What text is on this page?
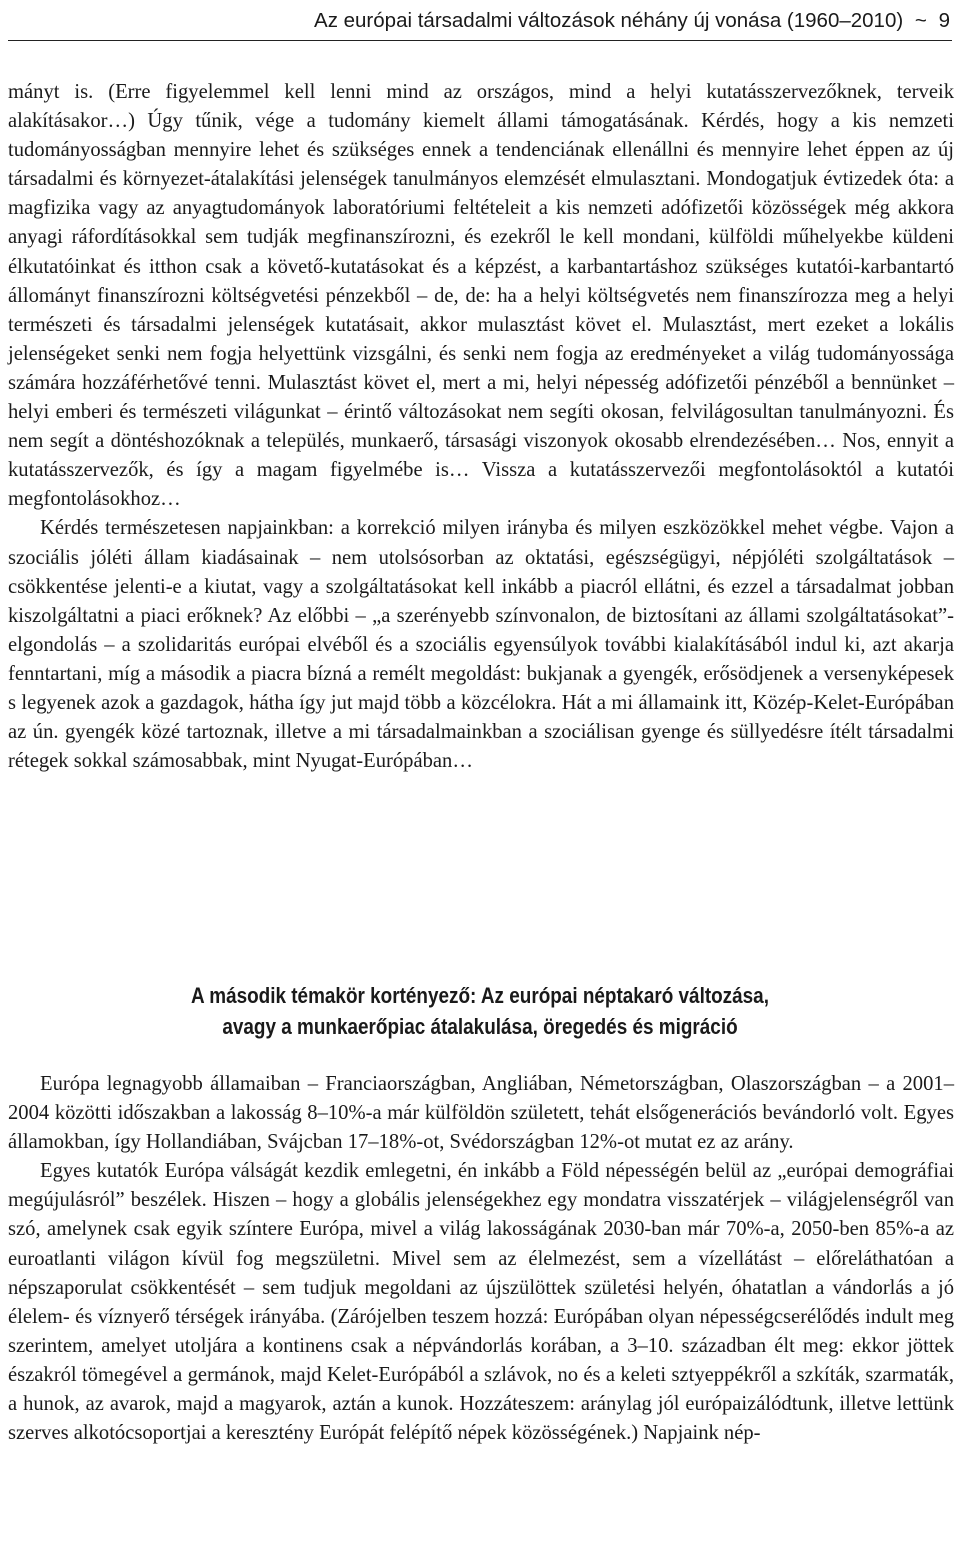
Az európai társadalmi változások néhány új vonása (1960–2010) ~ 9

mányt is. (Erre figyelemmel kell lenni mind az országos, mind a helyi kutatásszervezőknek, terveik alakításakor…) Úgy tűnik, vége a tudomány kiemelt állami támogatásának. Kérdés, hogy a kis nemzeti tudományosságban mennyire lehet és szükséges ennek a tendenciának ellenállni és mennyire lehet éppen az új társadalmi és környezet-átalakítási jelenségek tanulmányos elemzését elmulasztani. Mondogatjuk évtizedek óta: a magfizika vagy az anyagtudományok laboratóriumi feltételeit a kis nemzeti adófizetői közösségek még akkora anyagi ráfordításokkal sem tudják megfinanszírozni, és ezekről le kell mondani, külföldi műhelyekbe küldeni élkutatóinkat és itthon csak a követő-kutatásokat és a képzést, a karbantartáshoz szükséges kutatói-karbantartó állományt finanszírozni költségvetési pénzekből – de, de: ha a helyi költségvetés nem finanszírozza meg a helyi természeti és társadalmi jelenségek kutatásait, akkor mulasztást követ el. Mulasztást, mert ezeket a lokális jelenségeket senki nem fogja helyettünk vizsgálni, és senki nem fogja az eredményeket a világ tudományossága számára hozzáférhetővé tenni. Mulasztást követ el, mert a mi, helyi népesség adófizetői pénzéből a bennünket – helyi emberi és természeti világunkat – érintő változásokat nem segíti okosan, felvilágosultan tanulmányozni. És nem segít a döntéshozóknak a település, munkaerő, társasági viszonyok okosabb elrendezésében… Nos, ennyit a kutatásszervezők, és így a magam figyelmébe is… Vissza a kutatásszervezői megfontolásoktól a kutatói megfontolásokhoz…

Kérdés természetesen napjainkban: a korrekció milyen irányba és milyen eszközökkel mehet végbe. Vajon a szociális jóléti állam kiadásainak – nem utolsósorban az oktatási, egészségügyi, népjóléti szolgáltatások – csökkentése jelenti-e a kiutat, vagy a szolgáltatásokat kell inkább a piacról ellátni, és ezzel a társadalmat jobban kiszolgáltatni a piaci erőknek? Az előbbi – „a szerényebb színvonalon, de biztosítani az állami szolgáltatásokat”-elgondolás – a szolidaritás európai elvéből és a szociális egyensúlyok további kialakításából indul ki, azt akarja fenntartani, míg a második a piacra bízná a remélt megoldást: bukjanak a gyengék, erősödjenek a versenyképesek s legyenek azok a gazdagok, hátha így jut majd több a közcélokra. Hát a mi államaink itt, Közép-Kelet-Európában az ún. gyengék közé tartoznak, illetve a mi társadalmainkban a szociálisan gyenge és süllyedésre ítélt társadalmi rétegek sokkal számosabbak, mint Nyugat-Európában…

A második témakör kortényező: Az európai néptakaró változása,
avagy a munkaerőpiac átalakulása, öregedés és migráció

Európa legnagyobb államaiban – Franciaországban, Angliában, Németországban, Olaszországban – a 2001–2004 közötti időszakban a lakosság 8–10%-a már külföldön született, tehát elsőgenerációs bevándorló volt. Egyes államokban, így Hollandiában, Svájcban 17–18%-ot, Svédországban 12%-ot mutat ez az arány.

Egyes kutatók Európa válságát kezdik emlegetni, én inkább a Föld népességén belül az „európai demográfiai megújulásról” beszélek. Hiszen – hogy a globális jelenségekhez egy mondatra visszatérjek – világjelenségről van szó, amelynek csak egyik színtere Európa, mivel a világ lakosságának 2030-ban már 70%-a, 2050-ben 85%-a az euroatlanti világon kívül fog megszületni. Mivel sem az élelmezést, sem a vízellátást – előreláthatóan a népszaporulat csökkentését – sem tudjuk megoldani az újszülöttek születési helyén, óhatatlan a vándorlás a jó élelem- és víznyerő térségek irányába. (Zárójelben teszem hozzá: Európában olyan népességcserélődés indult meg szerintem, amelyet utoljára a kontinens csak a népvándorlás korában, a 3–10. században élt meg: ekkor jöttek északról tömegével a germánok, majd Kelet-Európából a szlávok, no és a keleti sztyeppékről a szkíták, szarmaták, a hunok, az avarok, majd a magyarok, aztán a kunok. Hozzáteszem: aránylag jól európaizálódtunk, illetve lettünk szerves alkotócsoportjai a keresztény Európát felépítő népek közösségének.) Napjaink nép-
